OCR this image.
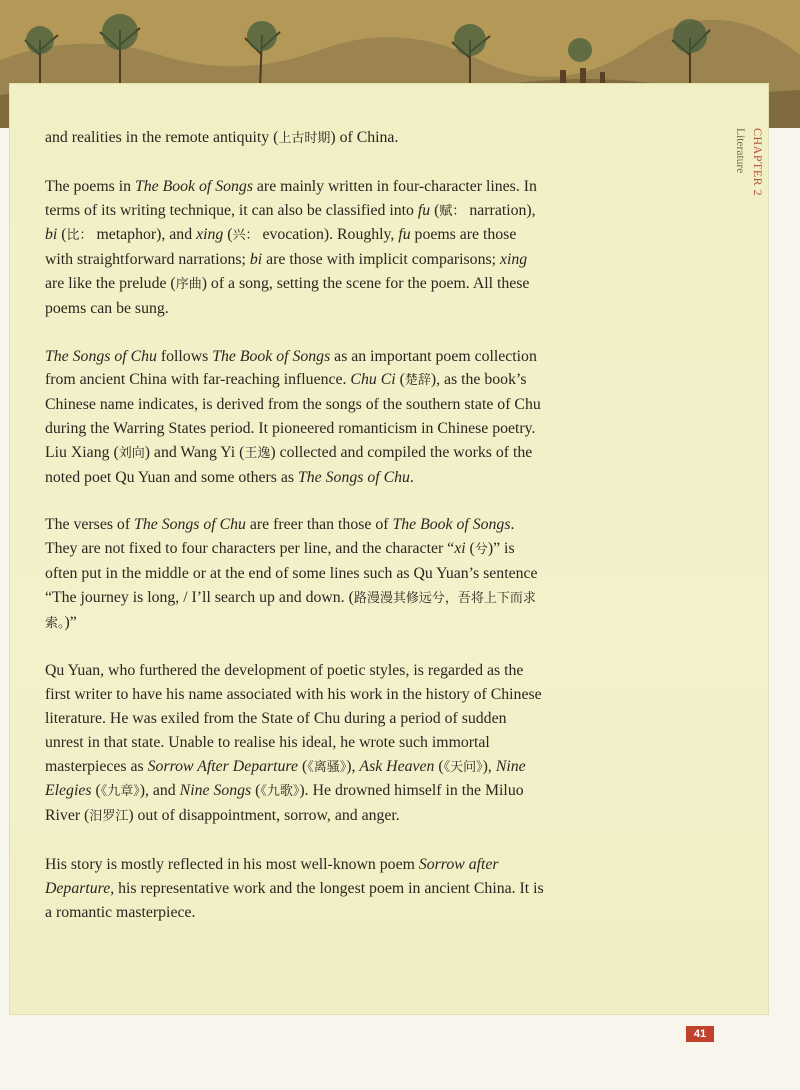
CHAPTER 2
Literature

and realities in the remote antiquity (上古时期) of China.

The poems in The Book of Songs are mainly written in four-character lines. In terms of its writing technique, it can also be classified into fu (赋： narration), bi (比： metaphor), and xing (兴： evocation). Roughly, fu poems are those with straightforward narrations; bi are those with implicit comparisons; xing are like the prelude (序曲) of a song, setting the scene for the poem. All these poems can be sung.

The Songs of Chu follows The Book of Songs as an important poem collection from ancient China with far-reaching influence. Chu Ci (楚辞), as the book’s Chinese name indicates, is derived from the songs of the southern state of Chu during the Warring States period. It pioneered romanticism in Chinese poetry. Liu Xiang (刘向) and Wang Yi (王逸) collected and compiled the works of the noted poet Qu Yuan and some others as The Songs of Chu.

The verses of The Songs of Chu are freer than those of The Book of Songs. They are not fixed to four characters per line, and the character “xi (兮)” is often put in the middle or at the end of some lines such as Qu Yuan’s sentence “The journey is long, / I’ll search up and down. (路漫漫其修远兮，吾将上下而求索。)”

Qu Yuan, who furthered the development of poetic styles, is regarded as the first writer to have his name associated with his work in the history of Chinese literature. He was exiled from the State of Chu during a period of sudden unrest in that state. Unable to realise his ideal, he wrote such immortal masterpieces as Sorrow After Departure (《离骚》), Ask Heaven (《天问》), Nine Elegies (《九章》), and Nine Songs (《九歌》). He drowned himself in the Miluo River (汨罗江) out of disappointment, sorrow, and anger.

His story is mostly reflected in his most well-known poem Sorrow after Departure, his representative work and the longest poem in ancient China. It is a romantic masterpiece.

41
